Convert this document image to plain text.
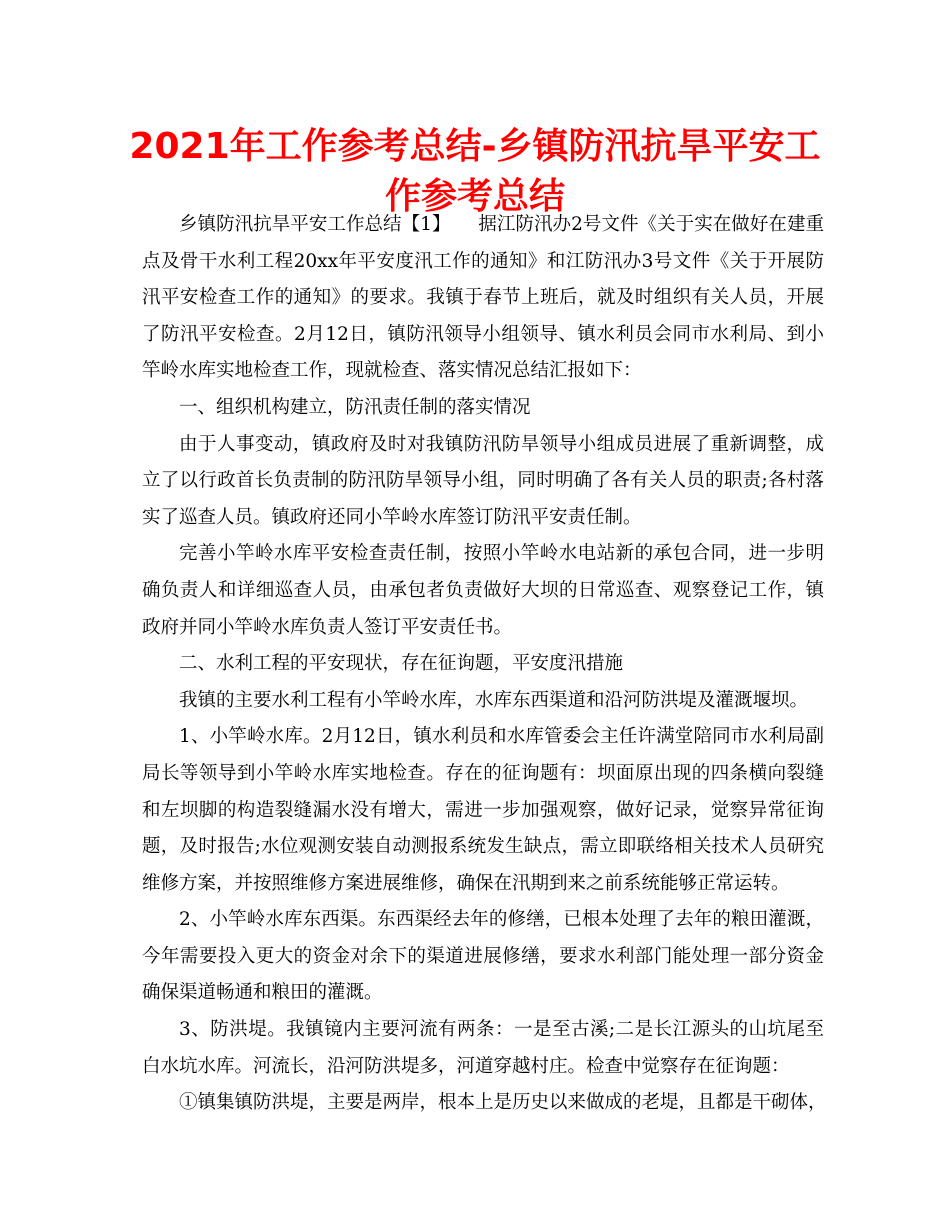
2021年工作参考总结-乡镇防汛抗旱平安工作参考总结

乡镇防汛抗旱平安工作总结【1】　　据江防汛办2号文件《关于实在做好在建重点及骨干水利工程20xx年平安度汛工作的通知》和江防汛办3号文件《关于开展防汛平安检查工作的通知》的要求。我镇于春节上班后，就及时组织有关人员，开展了防汛平安检查。2月12日，镇防汛领导小组领导、镇水利员会同市水利局、到小竿岭水库实地检查工作，现就检查、落实情况总结汇报如下：

一、组织机构建立，防汛责任制的落实情况

由于人事变动，镇政府及时对我镇防汛防旱领导小组成员进展了重新调整，成立了以行政首长负责制的防汛防旱领导小组，同时明确了各有关人员的职责;各村落实了巡查人员。镇政府还同小竿岭水库签订防汛平安责任制。

完善小竿岭水库平安检查责任制，按照小竿岭水电站新的承包合同，进一步明确负责人和详细巡查人员，由承包者负责做好大坝的日常巡查、观察登记工作，镇政府并同小竿岭水库负责人签订平安责任书。

二、水利工程的平安现状，存在征询题，平安度汛措施

我镇的主要水利工程有小竿岭水库，水库东西渠道和沿河防洪堤及灌溉堰坝。

1、小竿岭水库。2月12日，镇水利员和水库管委会主任许满堂陪同市水利局副局长等领导到小竿岭水库实地检查。存在的征询题有：坝面原出现的四条横向裂缝和左坝脚的构造裂缝漏水没有增大，需进一步加强观察，做好记录，觉察异常征询题，及时报告;水位观测安装自动测报系统发生缺点，需立即联络相关技术人员研究维修方案，并按照维修方案进展维修，确保在汛期到来之前系统能够正常运转。

2、小竿岭水库东西渠。东西渠经去年的修缮，已根本处理了去年的粮田灌溉，今年需要投入更大的资金对余下的渠道进展修缮，要求水利部门能处理一部分资金确保渠道畅通和粮田的灌溉。

3、防洪堤。我镇镜内主要河流有两条：一是至古溪;二是长江源头的山坑尾至白水坑水库。河流长，沿河防洪堤多，河道穿越村庄。检查中觉察存在征询题：

①镇集镇防洪堤，主要是两岸，根本上是历史以来做成的老堤，且都是干砌体，
